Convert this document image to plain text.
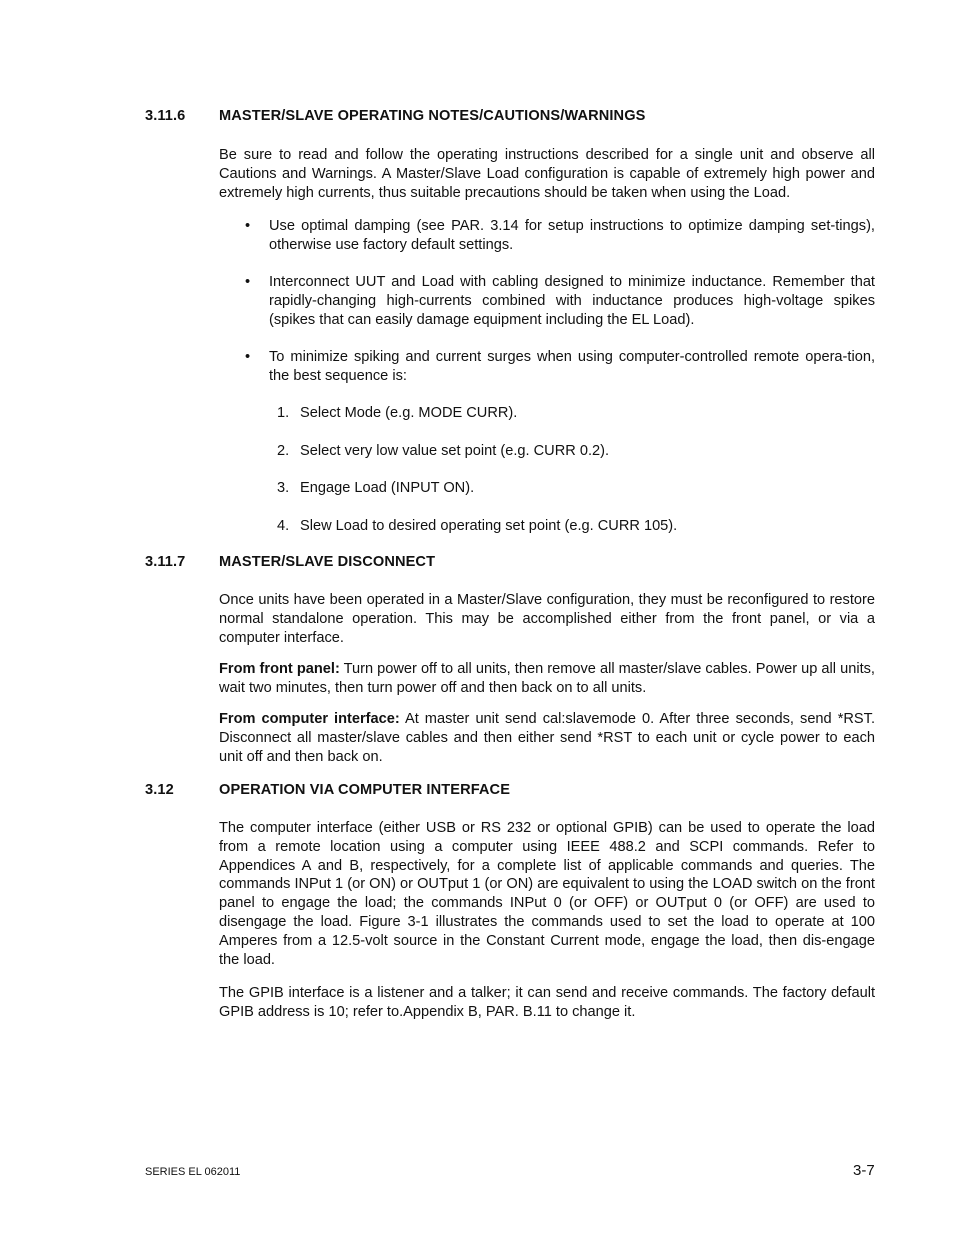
3.11.6 MASTER/SLAVE OPERATING NOTES/CAUTIONS/WARNINGS

Be sure to read and follow the operating instructions described for a single unit and observe all Cautions and Warnings. A Master/Slave Load configuration is capable of extremely high power and extremely high currents, thus suitable precautions should be taken when using the Load.

• Use optimal damping (see PAR. 3.14 for setup instructions to optimize damping set-tings), otherwise use factory default settings.
• Interconnect UUT and Load with cabling designed to minimize inductance. Remember that rapidly-changing high-currents combined with inductance produces high-voltage spikes (spikes that can easily damage equipment including the EL Load).
• To minimize spiking and current surges when using computer-controlled remote opera-tion, the best sequence is:
1. Select Mode (e.g. MODE CURR).
2. Select very low value set point (e.g. CURR 0.2).
3. Engage Load (INPUT ON).
4. Slew Load to desired operating set point (e.g. CURR 105).
3.11.7 MASTER/SLAVE DISCONNECT

Once units have been operated in a Master/Slave configuration, they must be reconfigured to restore normal standalone operation. This may be accomplished either from the front panel, or via a computer interface.

From front panel: Turn power off to all units, then remove all master/slave cables. Power up all units, wait two minutes, then turn power off and then back on to all units.

From computer interface: At master unit send cal:slavemode 0. After three seconds, send *RST. Disconnect all master/slave cables and then either send *RST to each unit or cycle power to each unit off and then back on.

3.12	OPERATION VIA COMPUTER INTERFACE

The computer interface (either USB or RS 232 or optional GPIB) can be used to operate the load from a remote location using a computer using IEEE 488.2 and SCPI commands. Refer to Appendices A and B, respectively, for a complete list of applicable commands and queries. The commands INPut 1 (or ON) or OUTput 1 (or ON) are equivalent to using the LOAD switch on the front panel to engage the load; the commands INPut 0 (or OFF) or OUTput 0 (or OFF) are used to disengage the load. Figure 3-1 illustrates the commands used to set the load to operate at 100 Amperes from a 12.5-volt source in the Constant Current mode, engage the load, then dis-engage the load.

The GPIB interface is a listener and a talker; it can send and receive commands. The factory default GPIB address is 10; refer to.Appendix B, PAR. B.11 to change it.

SERIES EL 062011	3-7
